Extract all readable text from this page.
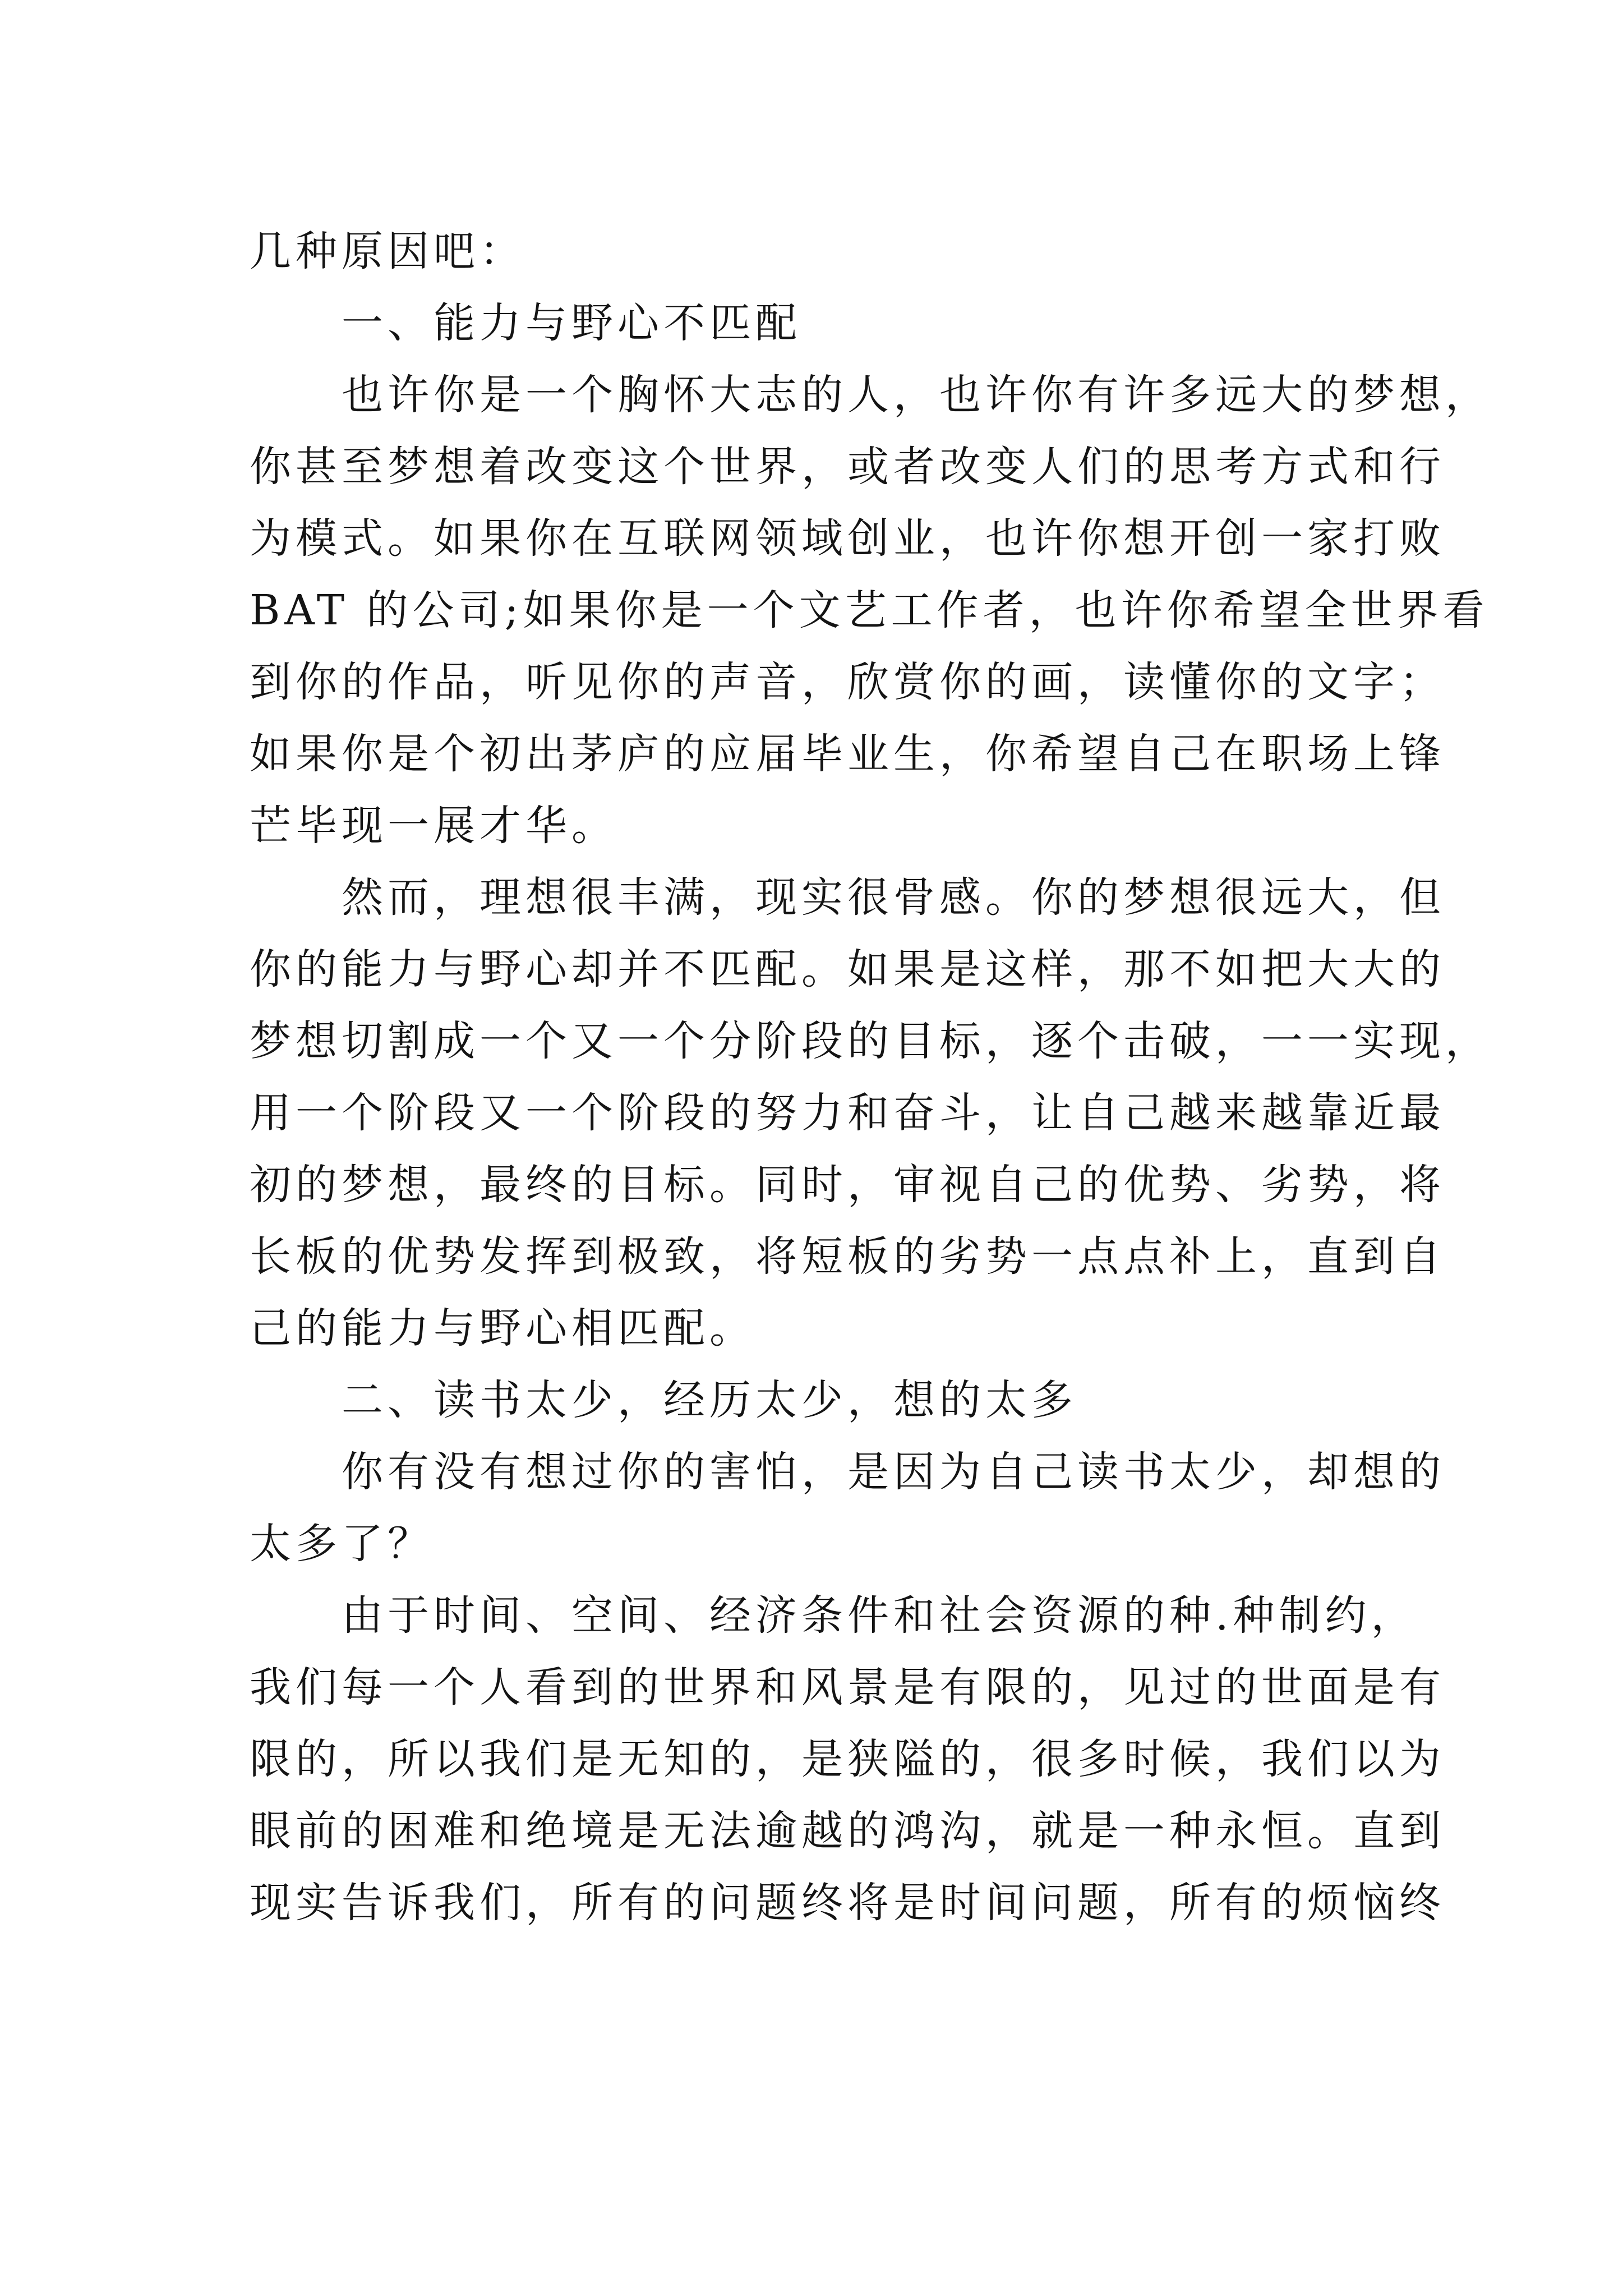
几种原因吧：
一、能力与野心不匹配
也许你是一个胸怀大志的人，也许你有许多远大的梦想，
你甚至梦想着改变这个世界，或者改变人们的思考方式和行
为模式。如果你在互联网领域创业，也许你想开创一家打败
BAT 的公司;如果你是一个文艺工作者，也许你希望全世界看
到你的作品，听见你的声音，欣赏你的画，读懂你的文字；
如果你是个初出茅庐的应届毕业生，你希望自己在职场上锋
芒毕现一展才华。
然而，理想很丰满，现实很骨感。你的梦想很远大，但
你的能力与野心却并不匹配。如果是这样，那不如把大大的
梦想切割成一个又一个分阶段的目标，逐个击破，一一实现，
用一个阶段又一个阶段的努力和奋斗，让自己越来越靠近最
初的梦想，最终的目标。同时，审视自己的优势、劣势，将
长板的优势发挥到极致，将短板的劣势一点点补上，直到自
己的能力与野心相匹配。
二、读书太少，经历太少，想的太多
你有没有想过你的害怕，是因为自己读书太少，却想的
太多了？
由于时间、空间、经济条件和社会资源的种.种制约，
我们每一个人看到的世界和风景是有限的，见过的世面是有
限的，所以我们是无知的，是狭隘的，很多时候，我们以为
眼前的困难和绝境是无法逾越的鸿沟，就是一种永恒。直到
现实告诉我们，所有的问题终将是时间问题，所有的烦恼终
